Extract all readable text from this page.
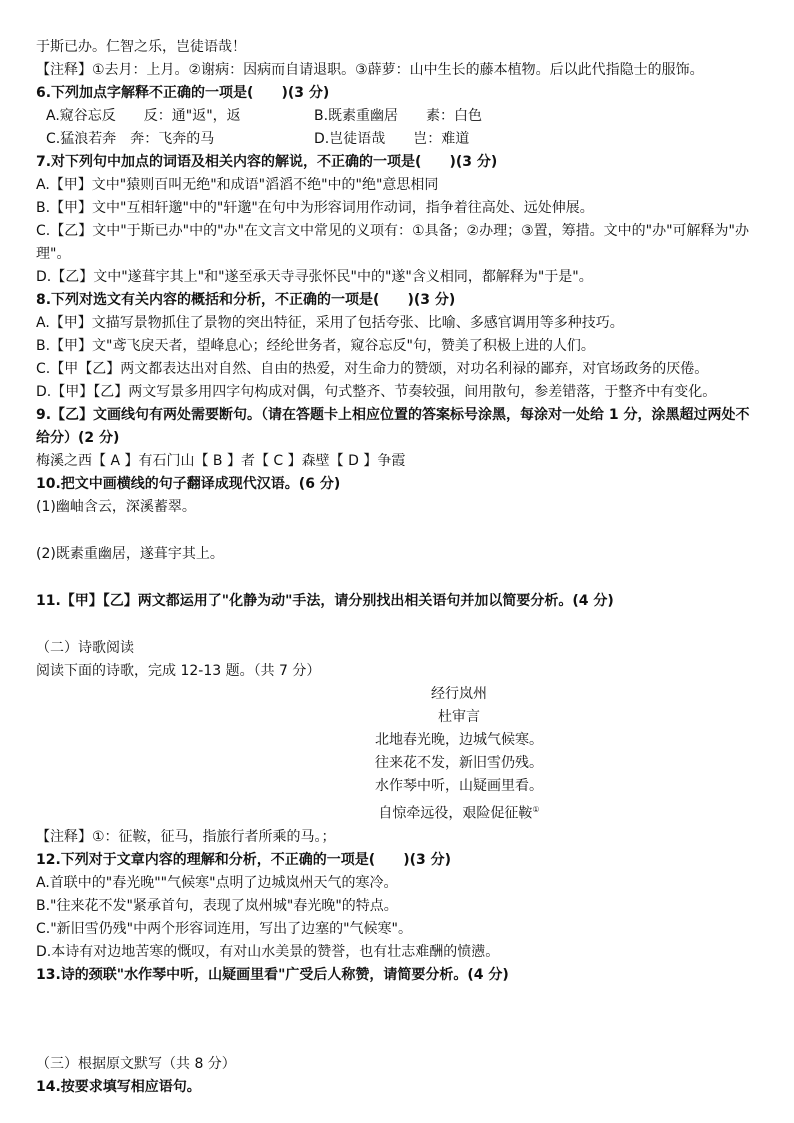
于斯已办。仁智之乐，岂徒语哉！
【注释】①去月：上月。②谢病：因病而自请退职。③薜萝：山中生长的藤本植物。后以此代指隐士的服饰。
6.下列加点字解释不正确的一项是(　　)(3 分)
A.窥谷忘反　　反：通"返"，返	B.既素重幽居　　素：白色
C.猛浪若奔　奔：飞奔的马	D.岂徒语哉　　岂：难道
7.对下列句中加点的词语及相关内容的解说，不正确的一项是(　　)(3 分)
A.【甲】文中"猿则百叫无绝"和成语"滔滔不绝"中的"绝"意思相同
B.【甲】文中"互相轩邈"中的"轩邈"在句中为形容词用作动词，指争着往高处、远处伸展。
C.【乙】文中"于斯已办"中的"办"在文言文中常见的义项有：①具备；②办理；③置，筹措。文中的"办"可解释为"办理"。
D.【乙】文中"遂葺宇其上"和"遂至承天寺寻张怀民"中的"遂"含义相同，都解释为"于是"。
8.下列对选文有关内容的概括和分析，不正确的一项是(　　)(3 分)
A.【甲】文描写景物抓住了景物的突出特征，采用了包括夸张、比喻、多感官调用等多种技巧。
B.【甲】文"鸢飞戾天者，望峰息心；经纶世务者，窥谷忘反"句，赞美了积极上进的人们。
C.【甲【乙】两文都表达出对自然、自由的热爱，对生命力的赞颂，对功名利禄的鄙弃，对官场政务的厌倦。
D.【甲】【乙】两文写景多用四字句构成对偶，句式整齐、节奏较强，间用散句，参差错落，于整齐中有变化。
9.【乙】文画线句有两处需要断句。（请在答题卡上相应位置的答案标号涂黑，每涂对一处给 1 分，涂黑超过两处不给分）(2 分)
梅溪之西【 A 】有石门山【 B 】者【 C 】森壁【 D 】争霞
10.把文中画横线的句子翻译成现代汉语。(6 分)
(1)幽岫含云，深溪蓄翠。
(2)既素重幽居，遂葺宇其上。
11.【甲】【乙】两文都运用了"化静为动"手法，请分别找出相关语句并加以简要分析。(4 分)
（二）诗歌阅读
阅读下面的诗歌，完成 12-13 题。（共 7 分）
经行岚州
杜审言
北地春光晚，边城气候寒。
往来花不发，新旧雪仍残。
水作琴中听，山疑画里看。
自惊牵远役，艰险促征鞍①
【注释】①：征鞍，征马，指旅行者所乘的马。；
12.下列对于文章内容的理解和分析，不正确的一项是(　　)(3 分)
A.首联中的"春光晚""气候寒"点明了边城岚州天气的寒冷。
B."往来花不发"紧承首句，表现了岚州城"春光晚"的特点。
C."新旧雪仍残"中两个形容词连用，写出了边塞的"气候寒"。
D.本诗有对边地苦寒的慨叹，有对山水美景的赞誉，也有壮志难酬的愤懑。
13.诗的颈联"水作琴中听，山疑画里看"广受后人称赞，请简要分析。(4 分)
（三）根据原文默写（共 8 分）
14.按要求填写相应语句。
